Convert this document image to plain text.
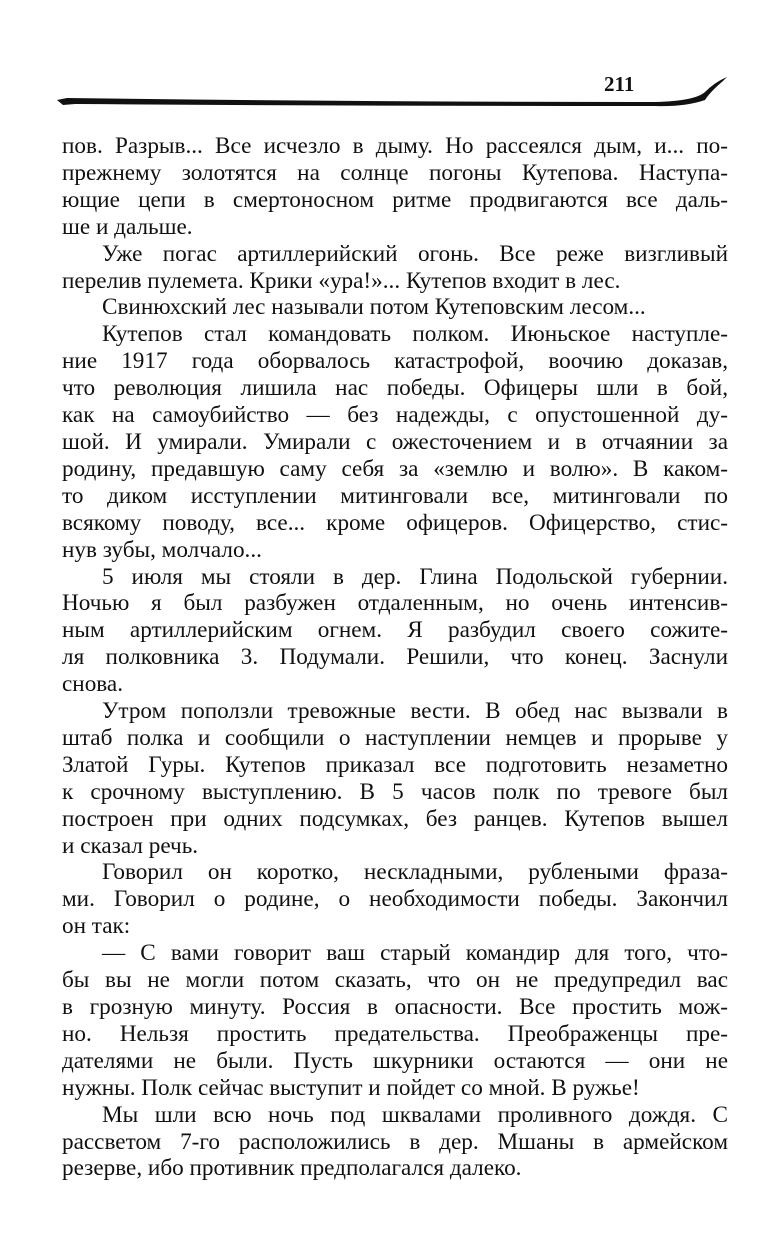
211
пов. Разрыв... Все исчезло в дыму. Но рассеялся дым, и... по-
прежнему золотятся на солнце погоны Кутепова. Наступа-
ющие цепи в смертоносном ритме продвигаются все даль-
ше и дальше.
Уже погас артиллерийский огонь. Все реже визгливый
перелив пулемета. Крики «ура!»... Кутепов входит в лес.
Свинюхский лес называли потом Кутеповским лесом...
Кутепов стал командовать полком. Июньское наступле-
ние 1917 года оборвалось катастрофой, воочию доказав,
что революция лишила нас победы. Офицеры шли в бой,
как на самоубийство — без надежды, с опустошенной ду-
шой. И умирали. Умирали с ожесточением и в отчаянии за
родину, предавшую саму себя за «землю и волю». В каком-
то диком исступлении митинговали все, митинговали по
всякому поводу, все... кроме офицеров. Офицерство, стис-
нув зубы, молчало...
5 июля мы стояли в дер. Глина Подольской губернии.
Ночью я был разбужен отдаленным, но очень интенсив-
ным артиллерийским огнем. Я разбудил своего сожите-
ля полковника 3. Подумали. Решили, что конец. Заснули
снова.
Утром поползли тревожные вести. В обед нас вызвали в
штаб полка и сообщили о наступлении немцев и прорыве у
Златой Гуры. Кутепов приказал все подготовить незаметно
к срочному выступлению. В 5 часов полк по тревоге был
построен при одних подсумках, без ранцев. Кутепов вышел
и сказал речь.
Говорил он коротко, нескладными, рублеными фраза-
ми. Говорил о родине, о необходимости победы. Закончил
он так:
— С вами говорит ваш старый командир для того, что-
бы вы не могли потом сказать, что он не предупредил вас
в грозную минуту. Россия в опасности. Все простить мож-
но. Нельзя простить предательства. Преображенцы пре-
дателями не были. Пусть шкурники остаются — они не
нужны. Полк сейчас выступит и пойдет со мной. В ружье!
Мы шли всю ночь под шквалами проливного дождя. С
рассветом 7-го расположились в дер. Мшаны в армейском
резерве, ибо противник предполагался далеко.
